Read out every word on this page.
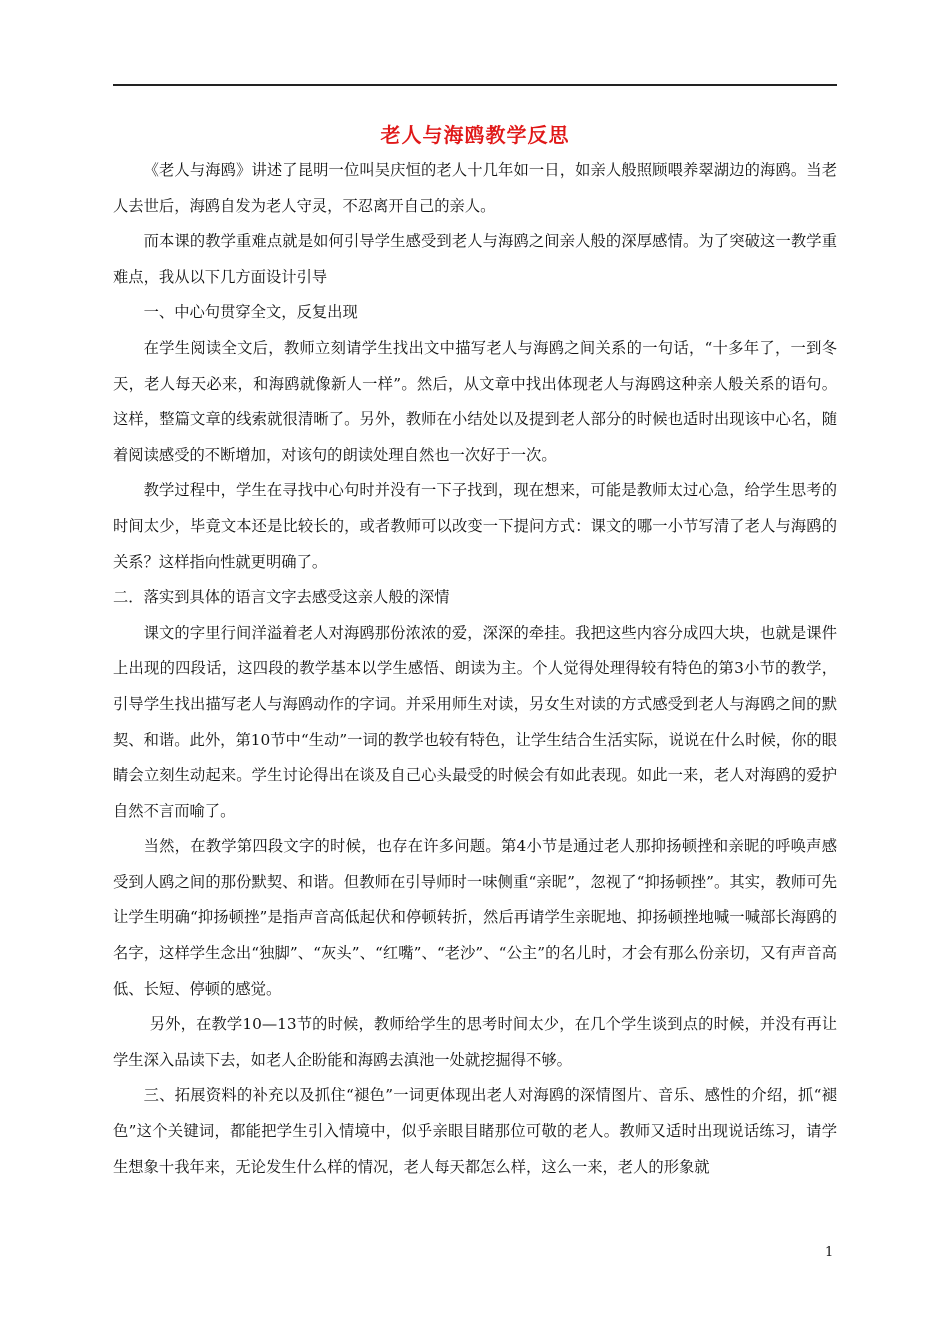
老人与海鸥教学反思

《老人与海鸥》讲述了昆明一位叫吴庆恒的老人十几年如一日，如亲人般照顾喂养翠湖边的海鸥。当老人去世后，海鸥自发为老人守灵，不忍离开自己的亲人。

而本课的教学重难点就是如何引导学生感受到老人与海鸥之间亲人般的深厚感情。为了突破这一教学重难点，我从以下几方面设计引导

一、中心句贯穿全文，反复出现

在学生阅读全文后，教师立刻请学生找出文中描写老人与海鸥之间关系的一句话，“十多年了，一到冬天，老人每天必来，和海鸥就像新人一样”。然后，从文章中找出体现老人与海鸥这种亲人般关系的语句。这样，整篇文章的线索就很清晰了。另外，教师在小结处以及提到老人部分的时候也适时出现该中心名，随着阅读感受的不断增加，对该句的朗读处理自然也一次好于一次。

教学过程中，学生在寻找中心句时并没有一下子找到，现在想来，可能是教师太过心急，给学生思考的时间太少，毕竟文本还是比较长的，或者教师可以改变一下提问方式：课文的哪一小节写清了老人与海鸥的关系？这样指向性就更明确了。

二．落实到具体的语言文字去感受这亲人般的深情

课文的字里行间洋溢着老人对海鸥那份浓浓的爱，深深的牵挂。我把这些内容分成四大块，也就是课件上出现的四段话，这四段的教学基本以学生感悟、朗读为主。个人觉得处理得较有特色的第3小节的教学，引导学生找出描写老人与海鸥动作的字词。并采用师生对读，另女生对读的方式感受到老人与海鸥之间的默契、和谐。此外，第10节中“生动”一词的教学也较有特色，让学生结合生活实际，说说在什么时候，你的眼睛会立刻生动起来。学生讨论得出在谈及自己心头最受的时候会有如此表现。如此一来，老人对海鸥的爱护自然不言而喻了。

当然，在教学第四段文字的时候，也存在许多问题。第4小节是通过老人那抑扬顿挫和亲昵的呼唤声感受到人鸥之间的那份默契、和谐。但教师在引导师时一味侧重“亲昵”，忽视了“抑扬顿挫”。其实，教师可先让学生明确“抑扬顿挫”是指声音高低起伏和停顿转折，然后再请学生亲昵地、抑扬顿挫地喊一喊部长海鸥的名字，这样学生念出“独脚”、“灰头”、“红嘴”、“老沙”、“公主”的名儿时，才会有那么份亲切，又有声音高低、长短、停顿的感觉。

另外，在教学10—13节的时候，教师给学生的思考时间太少，在几个学生谈到点的时候，并没有再让学生深入品读下去，如老人企盼能和海鸥去滇池一处就挖掘得不够。

三、拓展资料的补充以及抓住“褪色”一词更体现出老人对海鸥的深情图片、音乐、感性的介绍，抓“褪色”这个关键词，都能把学生引入情境中，似乎亲眼目睹那位可敬的老人。教师又适时出现说话练习，请学生想象十我年来，无论发生什么样的情况，老人每天都怎么样，这么一来，老人的形象就

1
